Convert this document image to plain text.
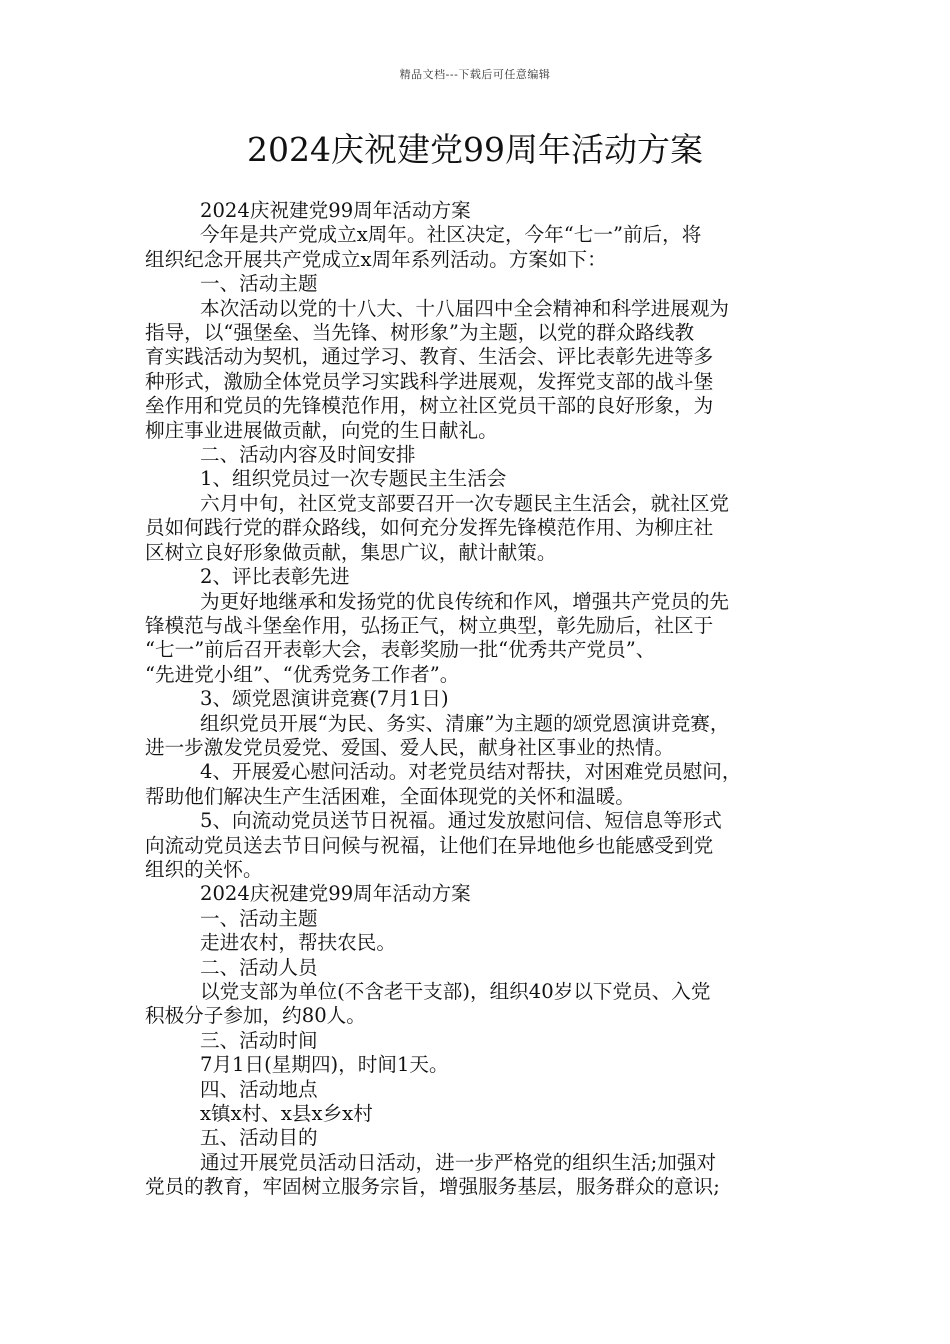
精品文档---下载后可任意编辑
2024庆祝建党99周年活动方案

2024庆祝建党99周年活动方案

今年是共产党成立x周年。社区决定，今年“七一”前后，将

组织纪念开展共产党成立x周年系列活动。方案如下：

一、活动主题

本次活动以党的十八大、十八届四中全会精神和科学进展观为

指导，以“强堡垒、当先锋、树形象”为主题，以党的群众路线教

育实践活动为契机，通过学习、教育、生活会、评比表彰先进等多

种形式，激励全体党员学习实践科学进展观，发挥党支部的战斗堡

垒作用和党员的先锋模范作用，树立社区党员干部的良好形象，为

柳庄事业进展做贡献，向党的生日献礼。

二、活动内容及时间安排

1、组织党员过一次专题民主生活会

六月中旬，社区党支部要召开一次专题民主生活会，就社区党

员如何践行党的群众路线，如何充分发挥先锋模范作用、为柳庄社

区树立良好形象做贡献，集思广议，献计献策。

2、评比表彰先进

为更好地继承和发扬党的优良传统和作风，增强共产党员的先

锋模范与战斗堡垒作用，弘扬正气，树立典型，彰先励后，社区于

“七一”前后召开表彰大会，表彰奖励一批“优秀共产党员”、

“先进党小组”、“优秀党务工作者”。

3、颂党恩演讲竞赛(7月1日)

组织党员开展“为民、务实、清廉”为主题的颂党恩演讲竞赛，

进一步激发党员爱党、爱国、爱人民，献身社区事业的热情。

4、开展爱心慰问活动。对老党员结对帮扶，对困难党员慰问，

帮助他们解决生产生活困难，全面体现党的关怀和温暖。

5、向流动党员送节日祝福。通过发放慰问信、短信息等形式

向流动党员送去节日问候与祝福，让他们在异地他乡也能感受到党

组织的关怀。

2024庆祝建党99周年活动方案

一、活动主题

走进农村，帮扶农民。

二、活动人员

以党支部为单位(不含老干支部)，组织40岁以下党员、入党

积极分子参加，约80人。

三、活动时间

7月1日(星期四)，时间1天。

四、活动地点

x镇x村、x县x乡x村

五、活动目的

通过开展党员活动日活动，进一步严格党的组织生活;加强对

党员的教育，牢固树立服务宗旨，增强服务基层，服务群众的意识;
